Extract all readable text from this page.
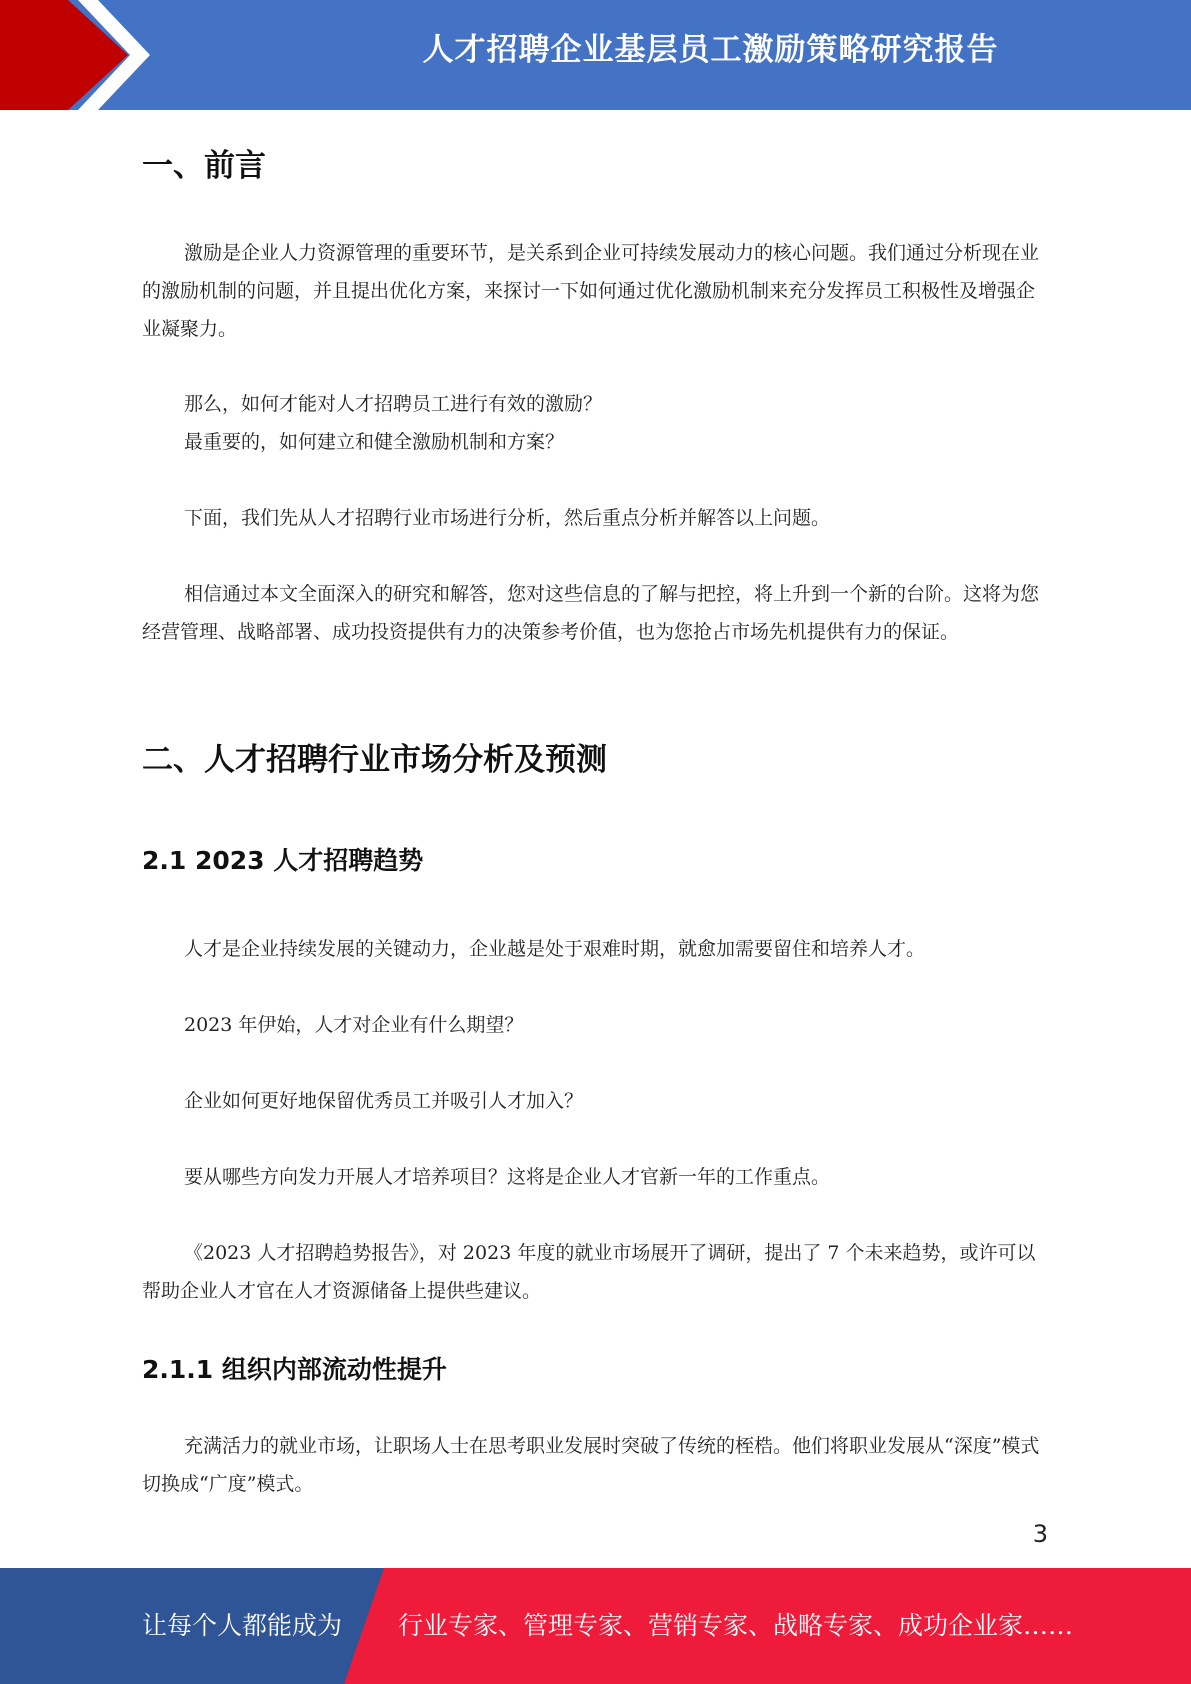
人才招聘企业基层员工激励策略研究报告
一、前言

激励是企业人力资源管理的重要环节，是关系到企业可持续发展动力的核心问题。我们通过分析现在业的激励机制的问题，并且提出优化方案，来探讨一下如何通过优化激励机制来充分发挥员工积极性及增强企业凝聚力。

那么，如何才能对人才招聘员工进行有效的激励？

最重要的，如何建立和健全激励机制和方案？

下面，我们先从人才招聘行业市场进行分析，然后重点分析并解答以上问题。

相信通过本文全面深入的研究和解答，您对这些信息的了解与把控，将上升到一个新的台阶。这将为您经营管理、战略部署、成功投资提供有力的决策参考价值，也为您抢占市场先机提供有力的保证。

二、人才招聘行业市场分析及预测
2.1 2023 人才招聘趋势

人才是企业持续发展的关键动力，企业越是处于艰难时期，就愈加需要留住和培养人才。

2023 年伊始，人才对企业有什么期望？

企业如何更好地保留优秀员工并吸引人才加入？

要从哪些方向发力开展人才培养项目？这将是企业人才官新一年的工作重点。

《2023 人才招聘趋势报告》，对 2023 年度的就业市场展开了调研，提出了 7 个未来趋势，或许可以帮助企业人才官在人才资源储备上提供些建议。

2.1.1 组织内部流动性提升

充满活力的就业市场，让职场人士在思考职业发展时突破了传统的桎梏。他们将职业发展从“深度”模式切换成“广度”模式。

3
让每个人都能成为 行业专家、管理专家、营销专家、战略专家、成功企业家……
